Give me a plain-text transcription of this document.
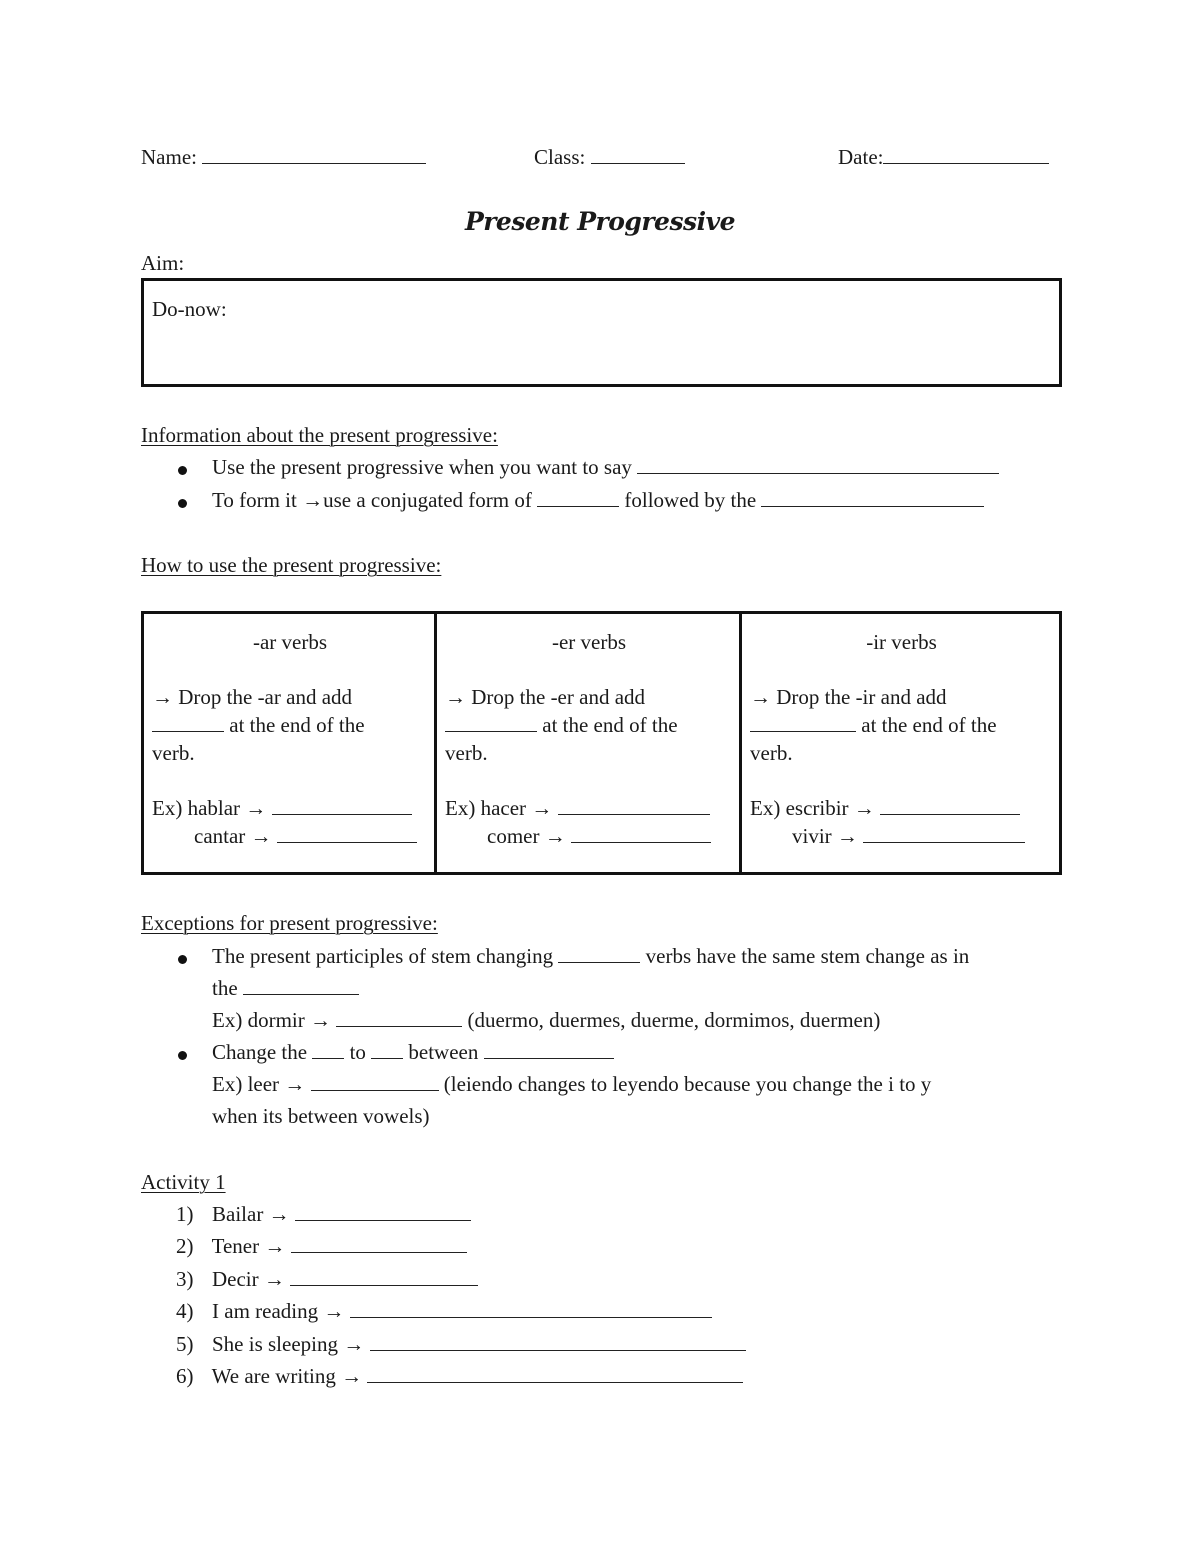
Name:	Class:	Date:
Present Progressive
Aim:
Do-now:
Information about the present progressive:
Use the present progressive when you want to say
To form it →use a conjugated form of	followed by the
How to use the present progressive:
-ar verbs
→ Drop the -ar and add
at the end of the
verb.
Ex) hablar →
cantar →

-er verbs
→ Drop the -er and add
at the end of the
verb.
Ex) hacer →
comer →

-ir verbs
→ Drop the -ir and add
at the end of the
verb.
Ex) escribir →
vivir →
Exceptions for present progressive:
The present participles of stem changing	verbs have the same stem change as in
the
Ex) dormir →	(duermo, duermes, duerme, dormimos, duermen)
Change the to between
Ex) leer →	(leiendo changes to leyendo because you change the i to y
when its between vowels)
Activity 1
1) Bailar →
2) Tener →
3) Decir →
4) I am reading →
5) She is sleeping →
6) We are writing →
